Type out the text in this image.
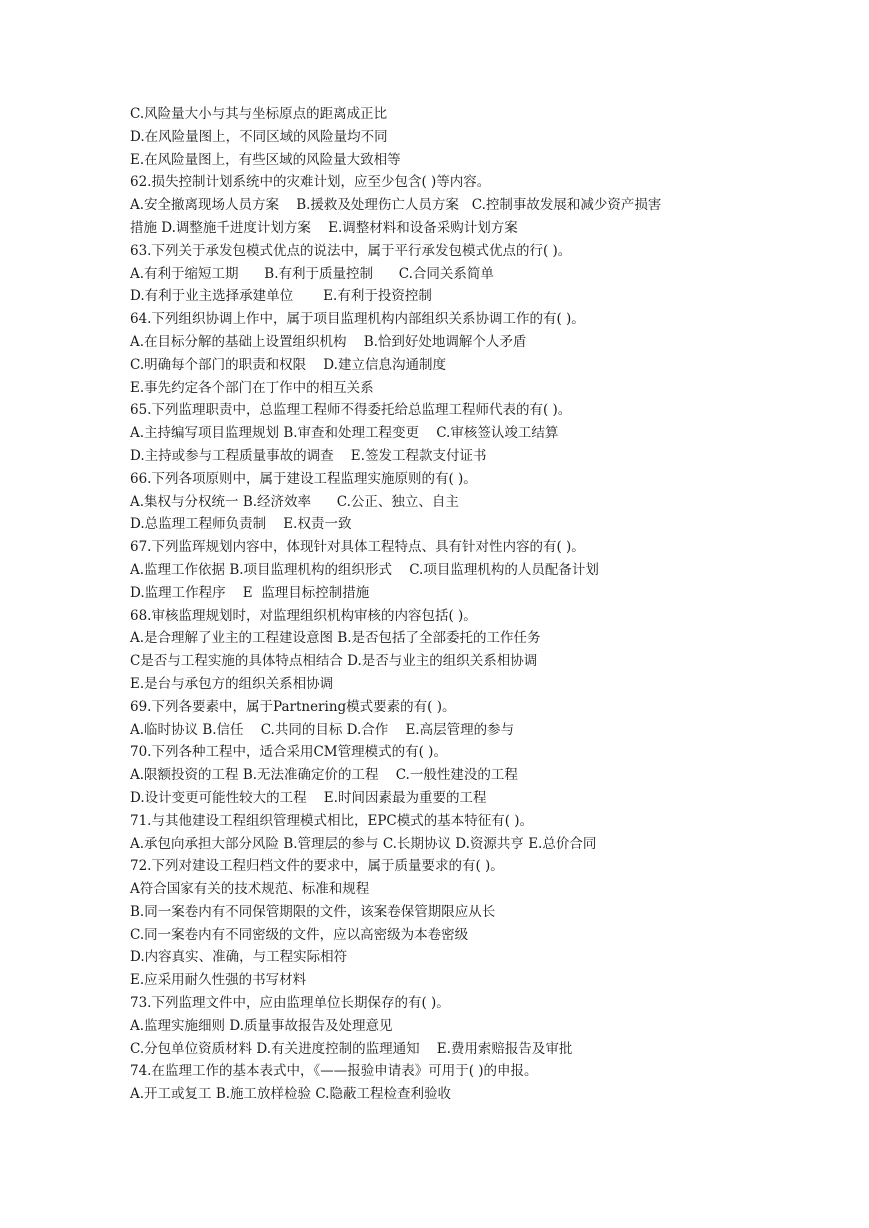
C.风险量大小与其与坐标原点的距离成正比
D.在风险量图上，不同区域的风险量均不同
E.在风险量图上，有些区域的风险量大致相等
62.损失控制计划系统中的灾难计划，应至少包含( )等内容。
A.安全撤离现场人员方案    B.援救及处理伤亡人员方案   C.控制事故发展和减少资产损害
措施 D.调整施千进度计划方案    E.调整材料和设备采购计划方案
63.下列关于承发包模式优点的说法中，属于平行承发包模式优点的行( )。
A.有利于缩短工期      B.有利于质量控制      C.合同关系简单
D.有利于业主选择承建单位       E.有利于投资控制
64.下列组织协调上作中，属于项目监理机构内部组织关系协调工作的有( )。
A.在目标分解的基础上设置组织机构    B.恰到好处地调解个人矛盾
C.明确每个部门的职责和权限    D.建立信息沟通制度
E.事先约定各个部门在丁作中的相互关系
65.下列监理职责中，总监理工程师不得委托给总监理工程师代表的有( )。
A.主持编写项目监理规划 B.审查和处理工程变更    C.审核签认竣工结算
D.主持或参与工程质量事故的调查    E.签发工程款支付证书
66.下列各项原则中，属于建设工程监理实施原则的有( )。
A.集权与分权统一 B.经济效率      C.公正、独立、自主
D.总监理工程师负责制    E.权责一致
67.下列监珲规划内容中，体现针对具体工程特点、具有针对性内容的有( )。
A.监理工作依据 B.项目监理机构的组织形式    C.项目监理机构的人员配备计划
D.监理工作程序    E  监理目标控制措施
68.审核监理规划时，对监理组织机构审核的内容包括( )。
A.是合理解了业主的工程建设意图 B.是否包括了全部委托的工作任务
C是否与工程实施的具体特点相结合 D.是否与业主的组织关系相协调
E.是台与承包方的组织关系相协调
69.下列各要素中，属于Partnering模式要素的有( )。
A.临时协议 B.信任    C.共同的目标 D.合作    E.高层管理的参与
70.下列各种工程中，适合采用CM管理模式的有( )。
A.限额投资的工程 B.无法准确定价的工程    C.一般性建没的工程
D.设计变更可能性较大的工程    E.时间因素最为重要的工程
71.与其他建设工程组织管理模式相比，EPC模式的基本特征有( )。
A.承包向承担大部分风险 B.管理层的参与 C.长期协议 D.资源共亨 E.总价合同
72.下列对建设工程归档文件的要求中，属于质量要求的有( )。
A符合国家有关的技术规范、标准和规程
B.同一案卷内有不同保管期限的文件，该案卷保管期限应从长
C.同一案卷内有不同密级的文件，应以高密级为本卷密级
D.内容真实、准确，与工程实际相符
E.应采用耐久性强的书写材料
73.下列监理文件中，应由监理单位长期保存的有( )。
A.监理实施细则 D.质量事故报告及处理意见
C.分包单位资质材料 D.有关进度控制的监理通知    E.费用索赔报告及审批
74.在监理工作的基本表式中，《——报验申请表》可用于( )的申报。
A.开工或复工 B.施工放样检验 C.隐蔽工程检查利验收
